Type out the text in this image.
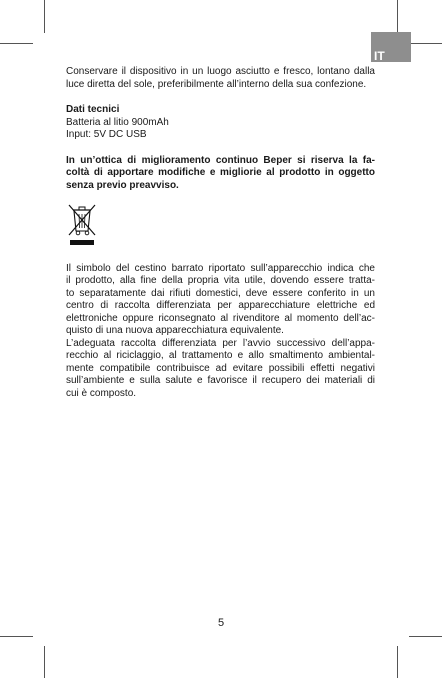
IT

Conservare il dispositivo in un luogo asciutto e fresco, lontano dalla
luce diretta del sole, preferibilmente all’interno della sua confezione.

Dati tecnici
Batteria al litio 900mAh
Input: 5V DC USB

In un’ottica di miglioramento continuo Beper si riserva la fa-
coltà di apportare modifiche e migliorie al prodotto in oggetto
senza previo preavviso.

Il simbolo del cestino barrato riportato sull’apparecchio indica che
il prodotto, alla fine della propria vita utile, dovendo essere tratta-
to separatamente dai rifiuti domestici, deve essere conferito in un
centro di raccolta differenziata per apparecchiature elettriche ed
elettroniche oppure riconsegnato al rivenditore al momento dell’ac-
quisto di una nuova apparecchiatura equivalente.

L’adeguata raccolta differenziata per l’avvio successivo dell’appa-
recchio al riciclaggio, al trattamento e allo smaltimento ambiental-
mente compatibile contribuisce ad evitare possibili effetti negativi
sull’ambiente e sulla salute e favorisce il recupero dei materiali di
cui è composto.

5
